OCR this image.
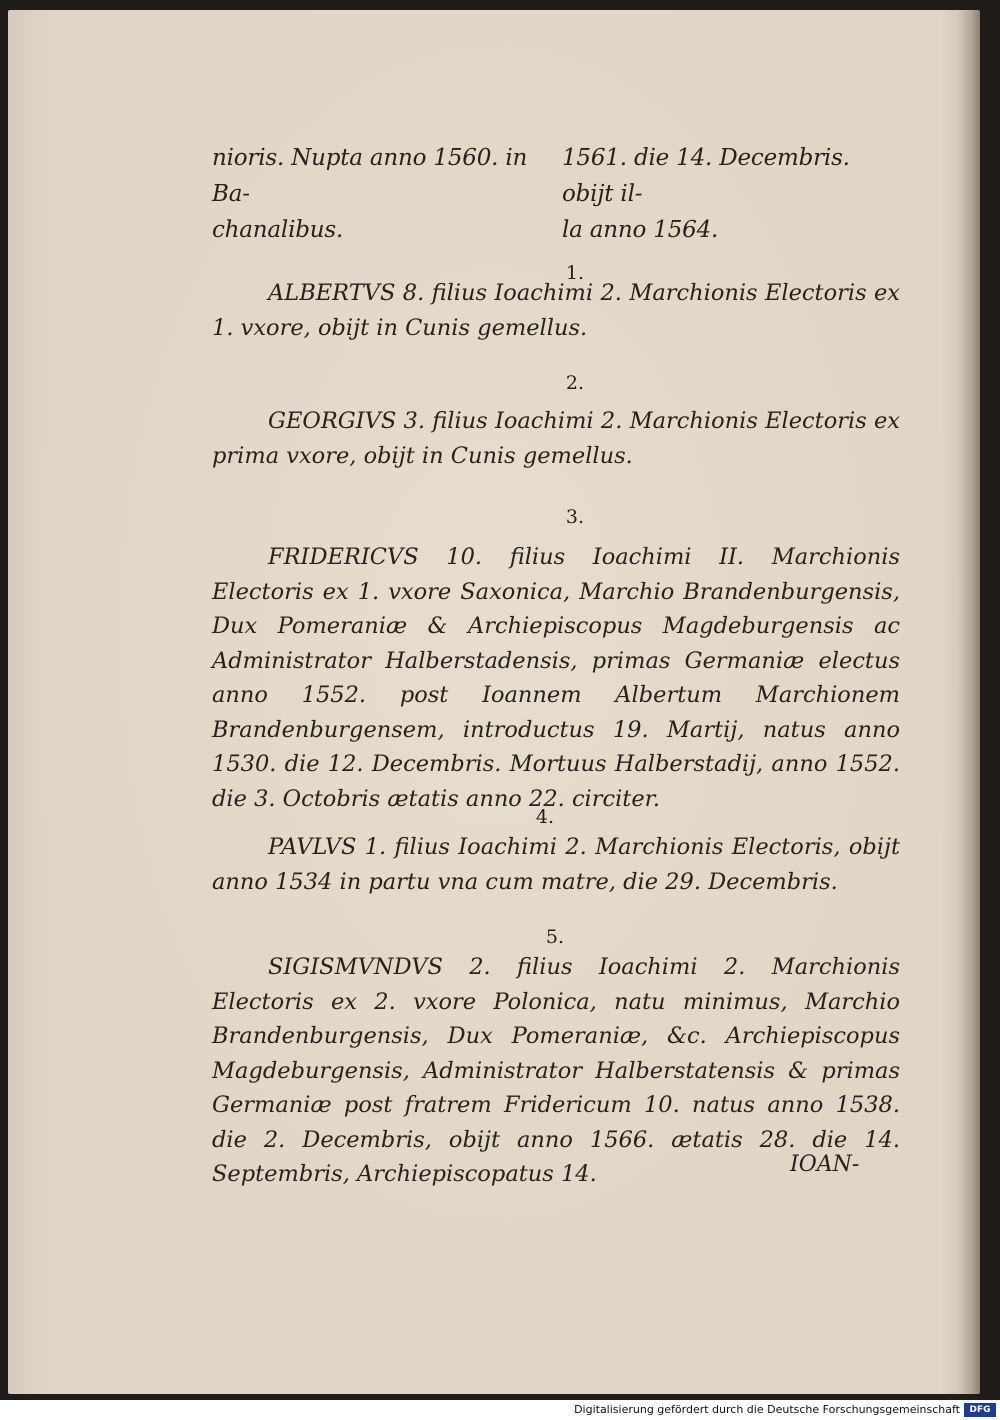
nioris. Nupta anno 1560. in Ba-
chanalibus.
1561. die 14. Decembris. obijt il-
la anno 1564.
1.
ALBERTVS 8. filius Ioachimi 2. Marchionis Electoris ex 1. vxore, obijt in Cunis gemellus.
2.
GEORGIVS 3. filius Ioachimi 2. Marchionis Electoris ex prima vxore, obijt in Cunis gemellus.
3.
FRIDERICVS 10. filius Ioachimi II. Marchionis Electoris ex 1. vxore Saxonica, Marchio Brandenburgensis, Dux Pomeraniæ & Archiepiscopus Magdeburgensis ac Administrator Halberstadensis, primas Germaniæ electus anno 1552. post Ioannem Albertum Marchionem Brandenburgensem, introductus 19. Martij, natus anno 1530. die 12. Decembris. Mortuus Halberstadij, anno 1552. die 3. Octobris ætatis anno 22. circiter.
4.
PAVLVS 1. filius Ioachimi 2. Marchionis Electoris, obijt anno 1534 in partu vna cum matre, die 29. Decembris.
5.
SIGISMVNDVS 2. filius Ioachimi 2. Marchionis Electoris ex 2. vxore Polonica, natu minimus, Marchio Brandenburgensis, Dux Pomeraniæ, &c. Archiepiscopus Magdeburgensis, Administrator Halberstatensis & primas Germaniæ post fratrem Fridericum 10. natus anno 1538. die 2. Decembris, obijt anno 1566. ætatis 28. die 14. Septembris, Archiepiscopatus 14.	IOAN-
Digitalisierung gefördert durch die Deutsche Forschungsgemeinschaft	DFG
